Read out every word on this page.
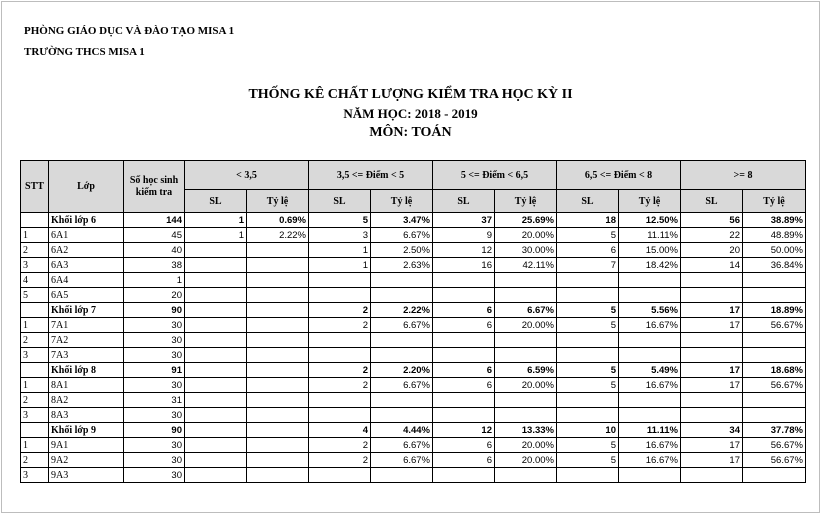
PHÒNG GIÁO DỤC VÀ ĐÀO TẠO MISA 1
TRƯỜNG THCS MISA 1
THỐNG KÊ CHẤT LƯỢNG KIỂM TRA HỌC KỲ II
NĂM HỌC: 2018 - 2019
MÔN: TOÁN
STT	Lớp	Số học sinh kiểm tra	< 3,5		3,5 <= Điểm < 5		5 <= Điểm < 6,5		6,5 <= Điểm < 8		>= 8	
			SL	Tỷ lệ	SL	Tỷ lệ	SL	Tỷ lệ	SL	Tỷ lệ	SL	Tỷ lệ
	Khối lớp 6	144	1	0.69%	5	3.47%	37	25.69%	18	12.50%	56	38.89%
1	6A1	45	1	2.22%	3	6.67%	9	20.00%	5	11.11%	22	48.89%
2	6A2	40			1	2.50%	12	30.00%	6	15.00%	20	50.00%
3	6A3	38			1	2.63%	16	42.11%	7	18.42%	14	36.84%
4	6A4	1										
5	6A5	20										
	Khối lớp 7	90			2	2.22%	6	6.67%	5	5.56%	17	18.89%
1	7A1	30			2	6.67%	6	20.00%	5	16.67%	17	56.67%
2	7A2	30										
3	7A3	30										
	Khối lớp 8	91			2	2.20%	6	6.59%	5	5.49%	17	18.68%
1	8A1	30			2	6.67%	6	20.00%	5	16.67%	17	56.67%
2	8A2	31										
3	8A3	30										
	Khối lớp 9	90			4	4.44%	12	13.33%	10	11.11%	34	37.78%
1	9A1	30			2	6.67%	6	20.00%	5	16.67%	17	56.67%
2	9A2	30			2	6.67%	6	20.00%	5	16.67%	17	56.67%
3	9A3	30										
